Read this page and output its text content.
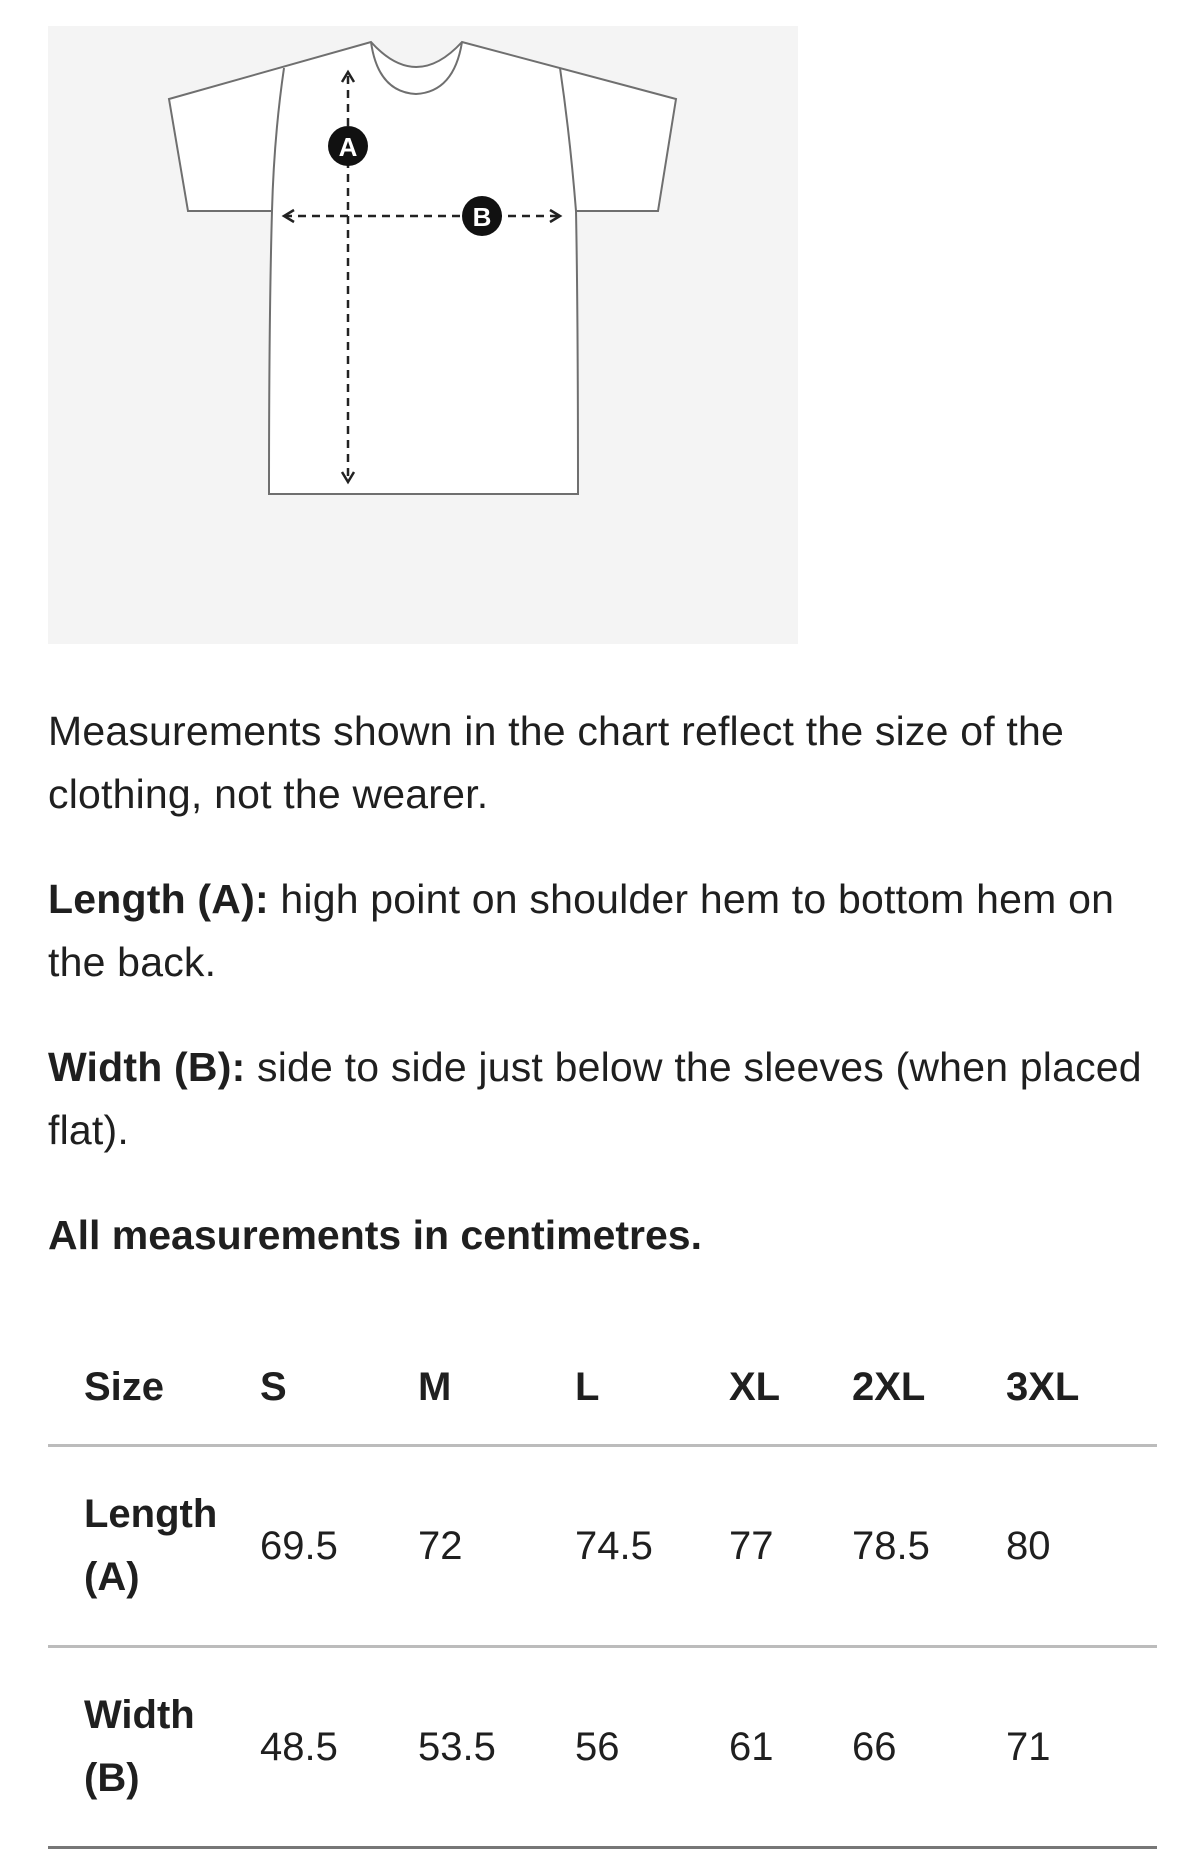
A
B

Measurements shown in the chart reflect the size of the clothing, not the wearer.

Length (A): high point on shoulder hem to bottom hem on the back.

Width (B): side to side just below the sleeves (when placed flat).

All measurements in centimetres.

Size	S	M	L	XL	2XL	3XL
Length (A)	69.5	72	74.5	77	78.5	80
Width (B)	48.5	53.5	56	61	66	71
